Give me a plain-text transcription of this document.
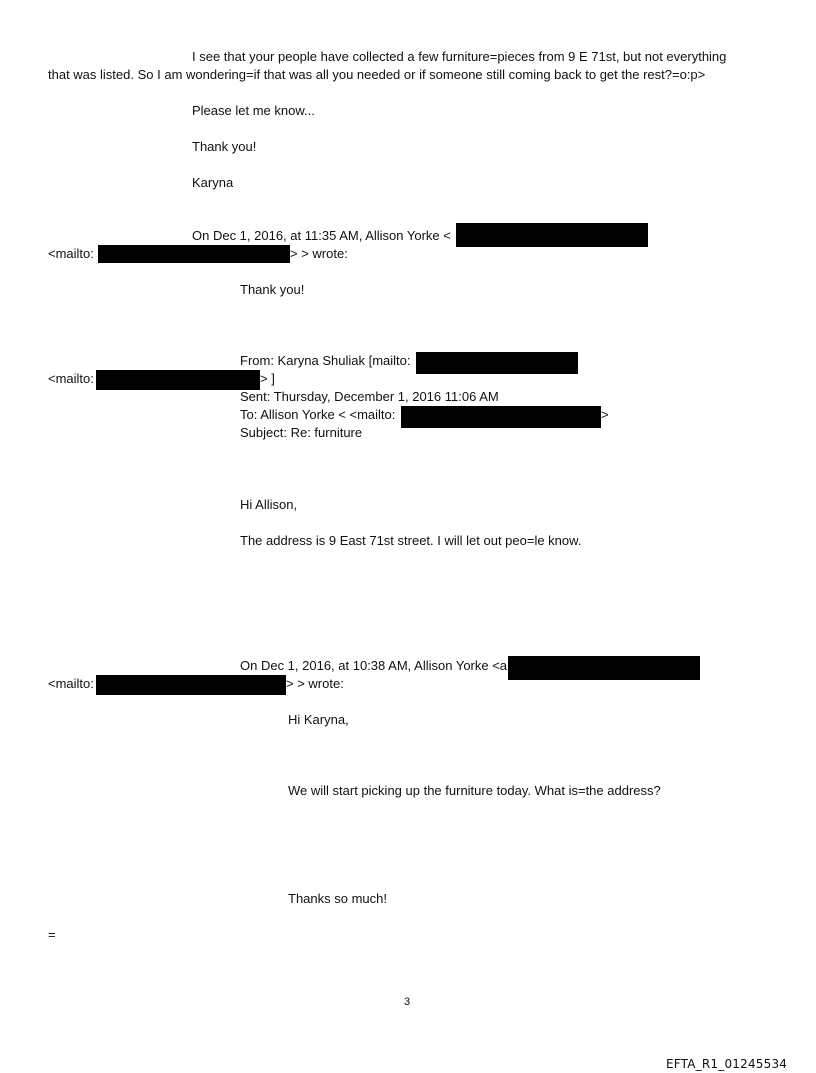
I see that your people have collected a few furniture=pieces from 9 E 71st, but not everything
that was listed. So I am wondering=if that was all you needed or if someone still coming back to get the rest?=o:p>
Please let me know...
Thank you!
Karyna
On Dec 1, 2016, at 11:35 AM, Allison Yorke <
<mailto:	> > wrote:
Thank you!
From: Karyna Shuliak [mailto:
<mailto:	> ]
Sent: Thursday, December 1, 2016 11:06 AM
To: Allison Yorke < <mailto:	>
Subject: Re: furniture
Hi Allison,
The address is 9 East 71st street. I will let out peo=le know.
On Dec 1, 2016, at 10:38 AM, Allison Yorke <a
<mailto:	> > wrote:
Hi Karyna,
We will start picking up the furniture today. What is=the address?
Thanks so much!
=
3
EFTA_R1_01245534
